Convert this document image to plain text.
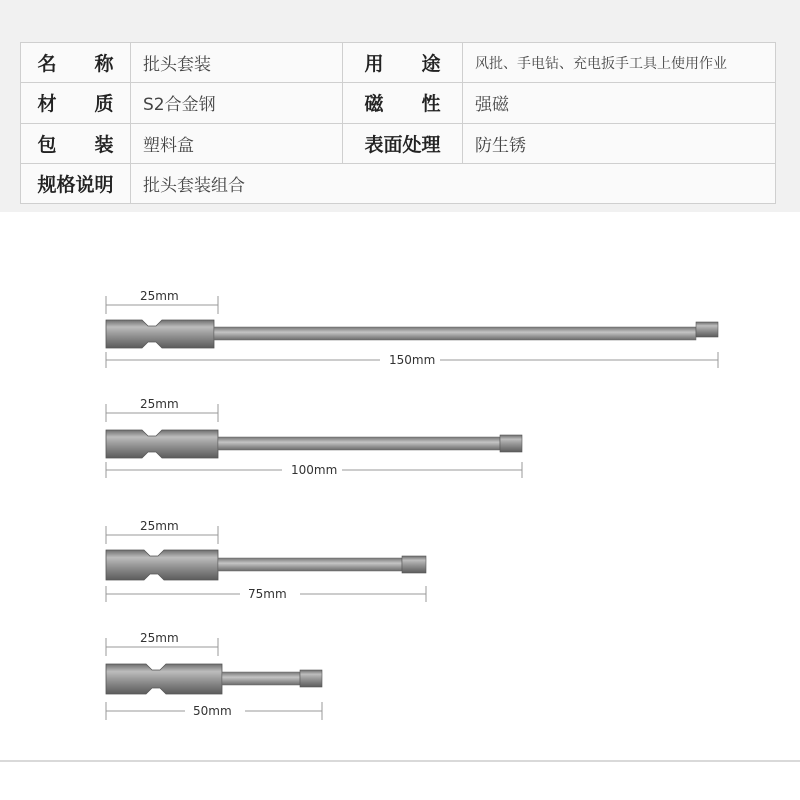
名 称	批头套装	用 途	风批、手电钻、充电扳手工具上使用作业
材 质	S2合金钢	磁 性	强磁
包 装	塑料盒	表面处理	防生锈
规格说明	批头套装组合		
25mm
150mm
25mm
100mm
25mm
75mm
25mm
50mm
